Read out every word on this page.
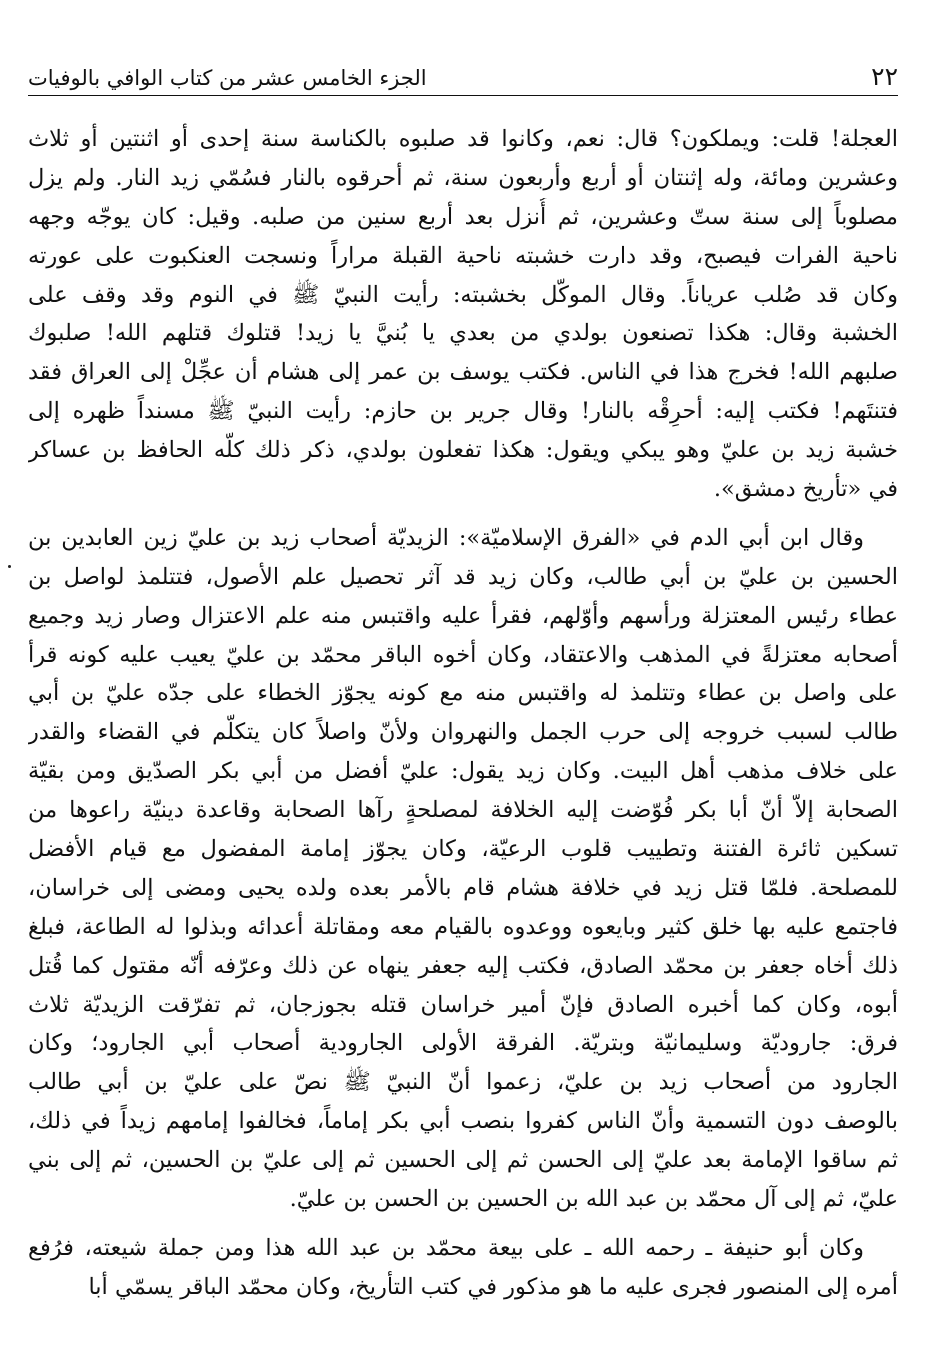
٢٢
الجزء الخامس عشر من كتاب الوافي بالوفيات
العجلة! قلت: ويملكون؟ قال: نعم، وكانوا قد صلبوه بالكناسة سنة إحدى أو اثنتين أو ثلاث
وعشرين ومائة، وله إثنتان أو أربع وأربعون سنة، ثم أحرقوه بالنار فسُمّي زيد النار. ولم يزل
مصلوباً إلى سنة ستّ وعشرين، ثم أُنزل بعد أربع سنين من صلبه. وقيل: كان يوجّه وجهه
ناحية الفرات فيصبح، وقد دارت خشبته ناحية القبلة مراراً ونسجت العنكبوت على عورته
وكان قد صُلب عرياناً. وقال الموكّل بخشبته: رأيت النبيّ ﷺ في النوم وقد وقف على
الخشبة وقال: هكذا تصنعون بولدي من بعدي يا بُنيَّ يا زيد! قتلوك قتلهم الله! صلبوك
صلبهم الله! فخرج هذا في الناس. فكتب يوسف بن عمر إلى هشام أن عجِّلْ إلى العراق فقد
فتنتَهم! فكتب إليه: أحرِقْه بالنار! وقال جرير بن حازم: رأيت النبيّ ﷺ مسنداً ظهره إلى
خشبة زيد بن عليّ وهو يبكي ويقول: هكذا تفعلون بولدي، ذكر ذلك كلّه الحافظ بن عساكر
في «تأريخ دمشق».
وقال ابن أبي الدم في «الفرق الإسلاميّة»: الزيديّة أصحاب زيد بن عليّ زين العابدين بن
الحسين بن عليّ بن أبي طالب، وكان زيد قد آثر تحصيل علم الأصول، فتتلمذ لواصل بن
عطاء رئيس المعتزلة ورأسهم وأوّلهم، فقرأ عليه واقتبس منه علم الاعتزال وصار زيد وجميع
أصحابه معتزلةً في المذهب والاعتقاد، وكان أخوه الباقر محمّد بن عليّ يعيب عليه كونه قرأ
على واصل بن عطاء وتتلمذ له واقتبس منه مع كونه يجوّز الخطاء على جدّه عليّ بن أبي
طالب لسبب خروجه إلى حرب الجمل والنهروان ولأنّ واصلاً كان يتكلّم في القضاء والقدر
على خلاف مذهب أهل البيت. وكان زيد يقول: عليّ أفضل من أبي بكر الصدّيق ومن بقيّة
الصحابة إلاّ أنّ أبا بكر فُوّضت إليه الخلافة لمصلحةٍ رآها الصحابة وقاعدة دينيّة راعوها من
تسكين ثائرة الفتنة وتطييب قلوب الرعيّة، وكان يجوّز إمامة المفضول مع قيام الأفضل
للمصلحة. فلمّا قتل زيد في خلافة هشام قام بالأمر بعده ولده يحيى ومضى إلى خراسان،
فاجتمع عليه بها خلق كثير وبايعوه ووعدوه بالقيام معه ومقاتلة أعدائه وبذلوا له الطاعة، فبلغ
ذلك أخاه جعفر بن محمّد الصادق، فكتب إليه جعفر ينهاه عن ذلك وعرّفه أنّه مقتول كما قُتل
أبوه، وكان كما أخبره الصادق فإنّ أمير خراسان قتله بجوزجان، ثم تفرّقت الزيديّة ثلاث
فرق: جاروديّة وسليمانيّة وبتريّة. الفرقة الأولى الجارودية أصحاب أبي الجارود؛ وكان
الجارود من أصحاب زيد بن عليّ، زعموا أنّ النبيّ ﷺ نصّ على عليّ بن أبي طالب
بالوصف دون التسمية وأنّ الناس كفروا بنصب أبي بكر إماماً، فخالفوا إمامهم زيداً في ذلك،
ثم ساقوا الإمامة بعد عليّ إلى الحسن ثم إلى الحسين ثم إلى عليّ بن الحسين، ثم إلى بني
عليّ، ثم إلى آل محمّد بن عبد الله بن الحسين بن الحسن بن عليّ.
وكان أبو حنيفة ـ رحمه الله ـ على بيعة محمّد بن عبد الله هذا ومن جملة شيعته، فرُفع
أمره إلى المنصور فجرى عليه ما هو مذكور في كتب التأريخ، وكان محمّد الباقر يسمّي أبا
